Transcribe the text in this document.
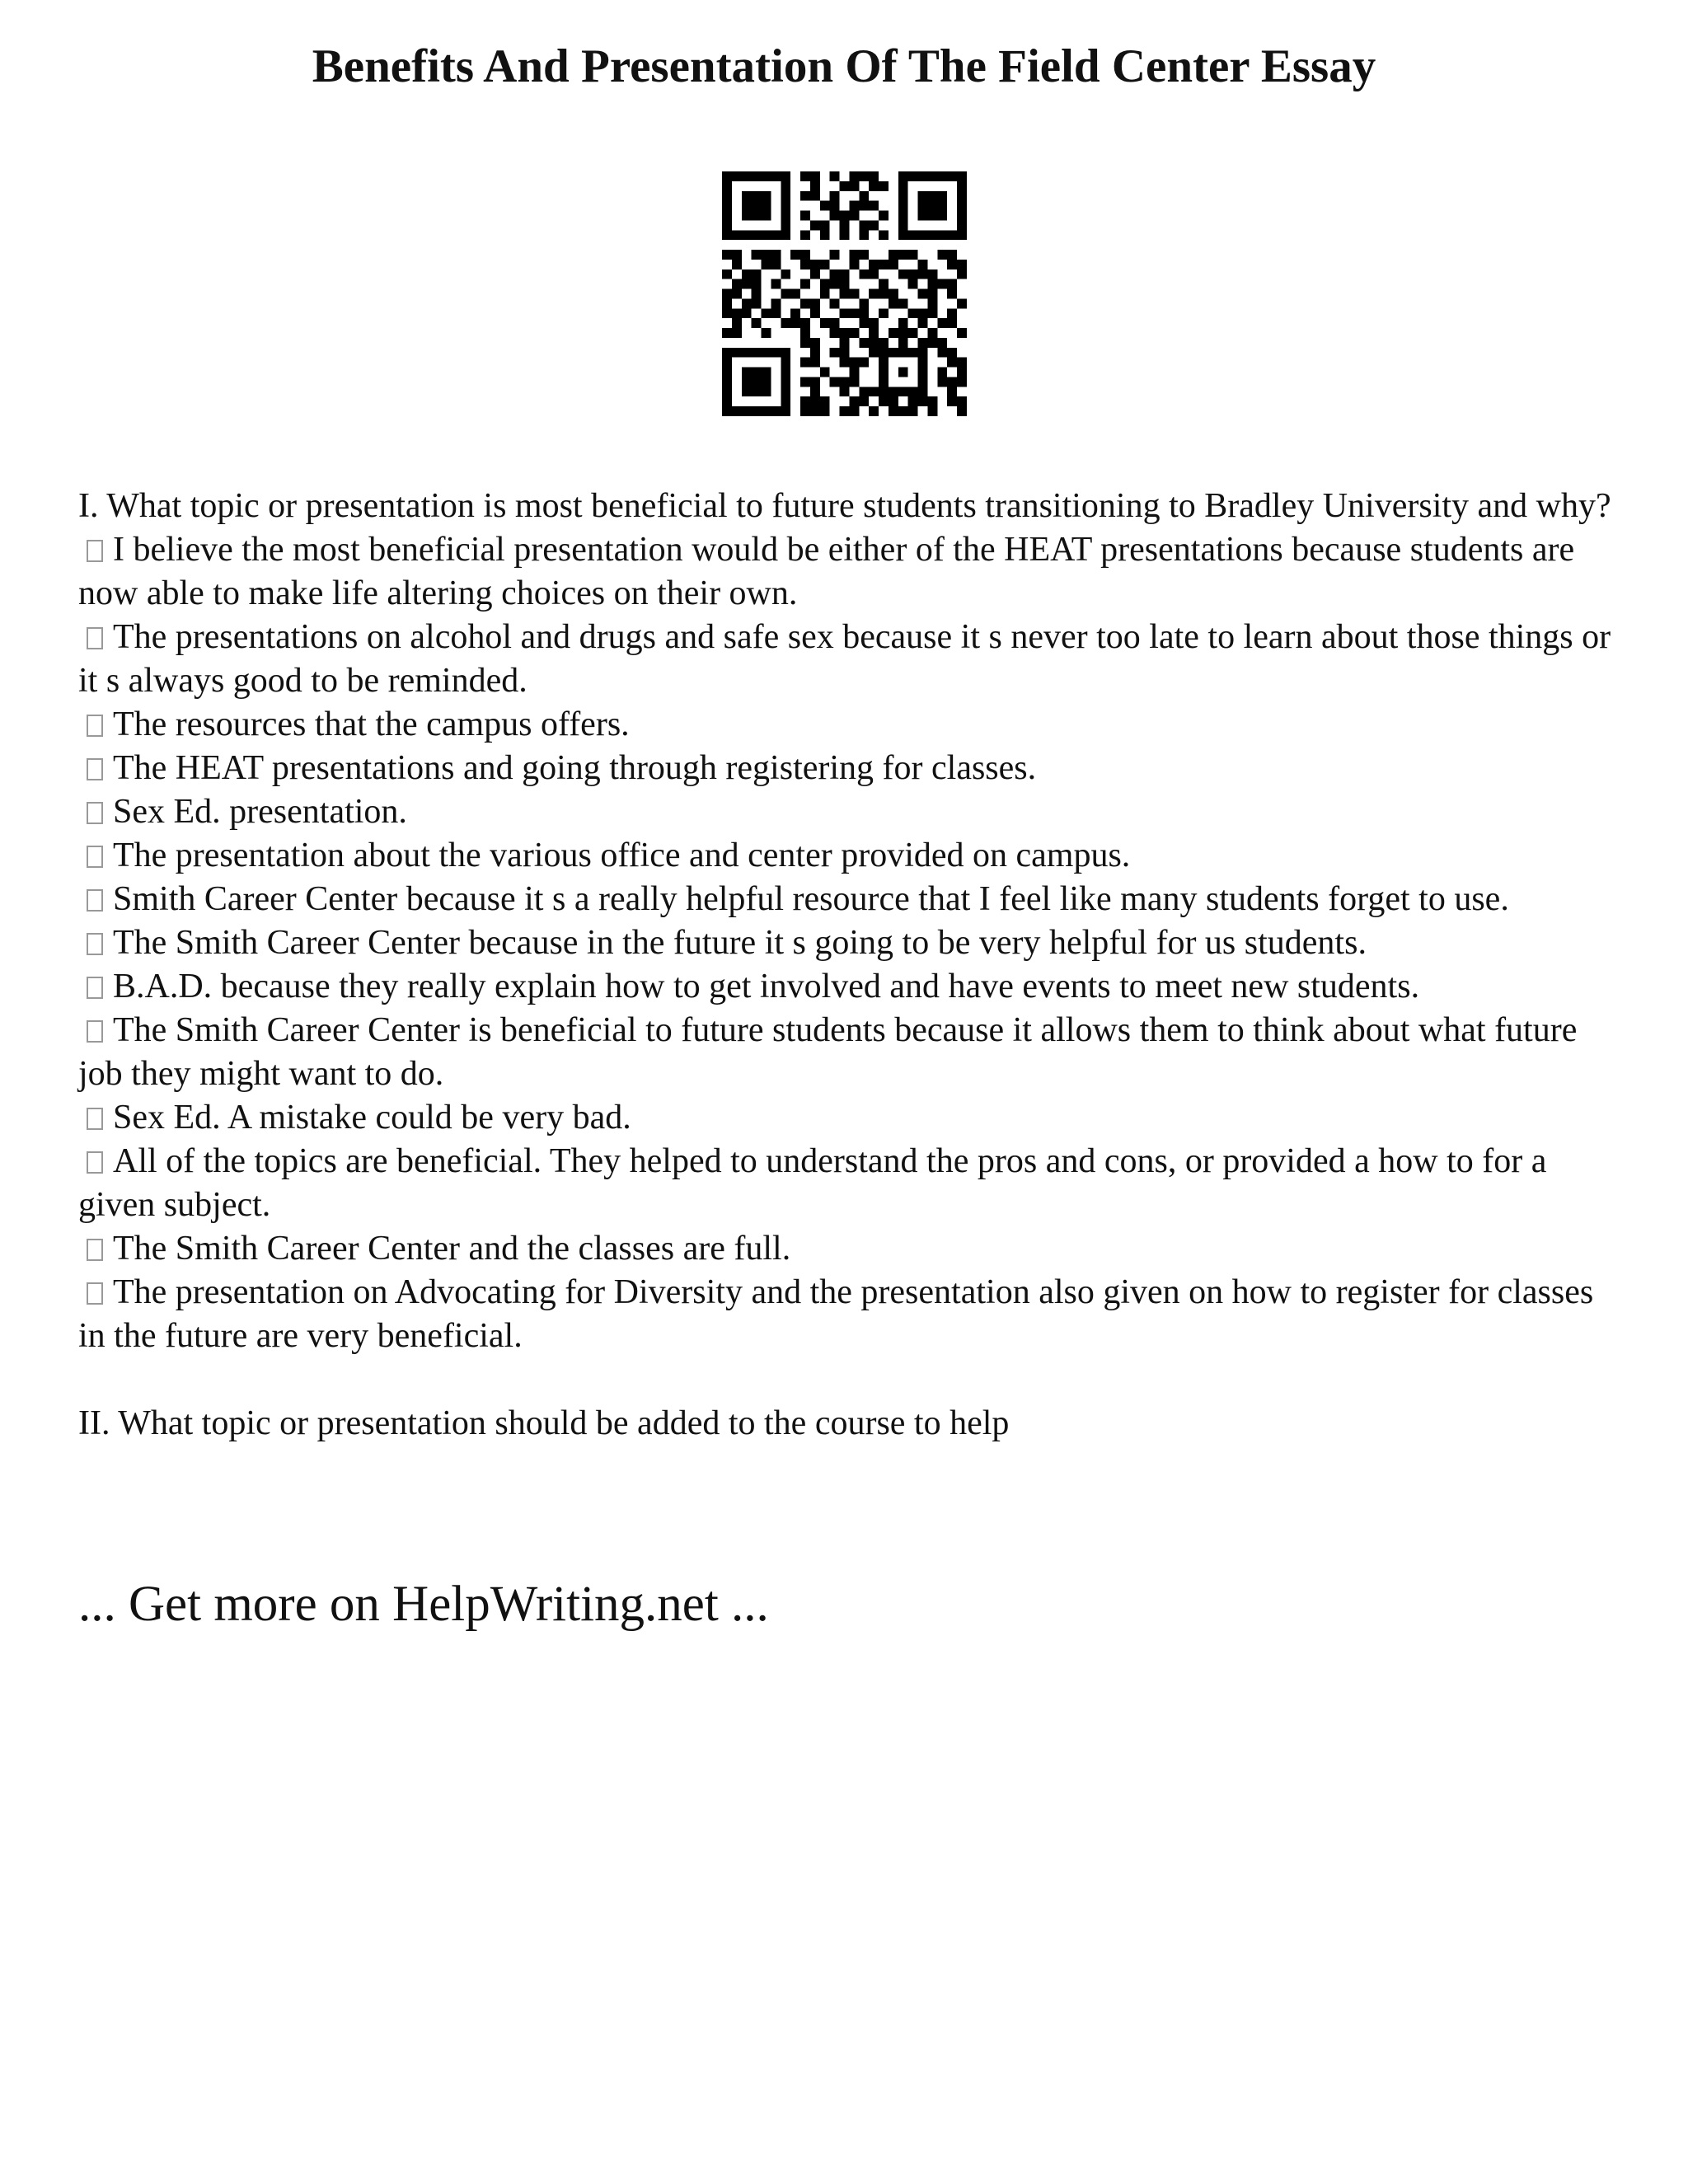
Benefits And Presentation Of The Field Center Essay

I. What topic or presentation is most beneficial to future students transitioning to Bradley University and why?

I believe the most beneficial presentation would be either of the HEAT presentations because students are now able to make life altering choices on their own.

The presentations on alcohol and drugs and safe sex because it s never too late to learn about those things or it s always good to be reminded.

The resources that the campus offers.

The HEAT presentations and going through registering for classes.

Sex Ed. presentation.

The presentation about the various office and center provided on campus.

Smith Career Center because it s a really helpful resource that I feel like many students forget to use.

The Smith Career Center because in the future it s going to be very helpful for us students.

B.A.D. because they really explain how to get involved and have events to meet new students.

The Smith Career Center is beneficial to future students because it allows them to think about what future job they might want to do.

Sex Ed. A mistake could be very bad.

All of the topics are beneficial. They helped to understand the pros and cons, or provided a how to for a given subject.

The Smith Career Center and the classes are full.

The presentation on Advocating for Diversity and the presentation also given on how to register for classes in the future are very beneficial.

II. What topic or presentation should be added to the course to help

... Get more on HelpWriting.net ...
